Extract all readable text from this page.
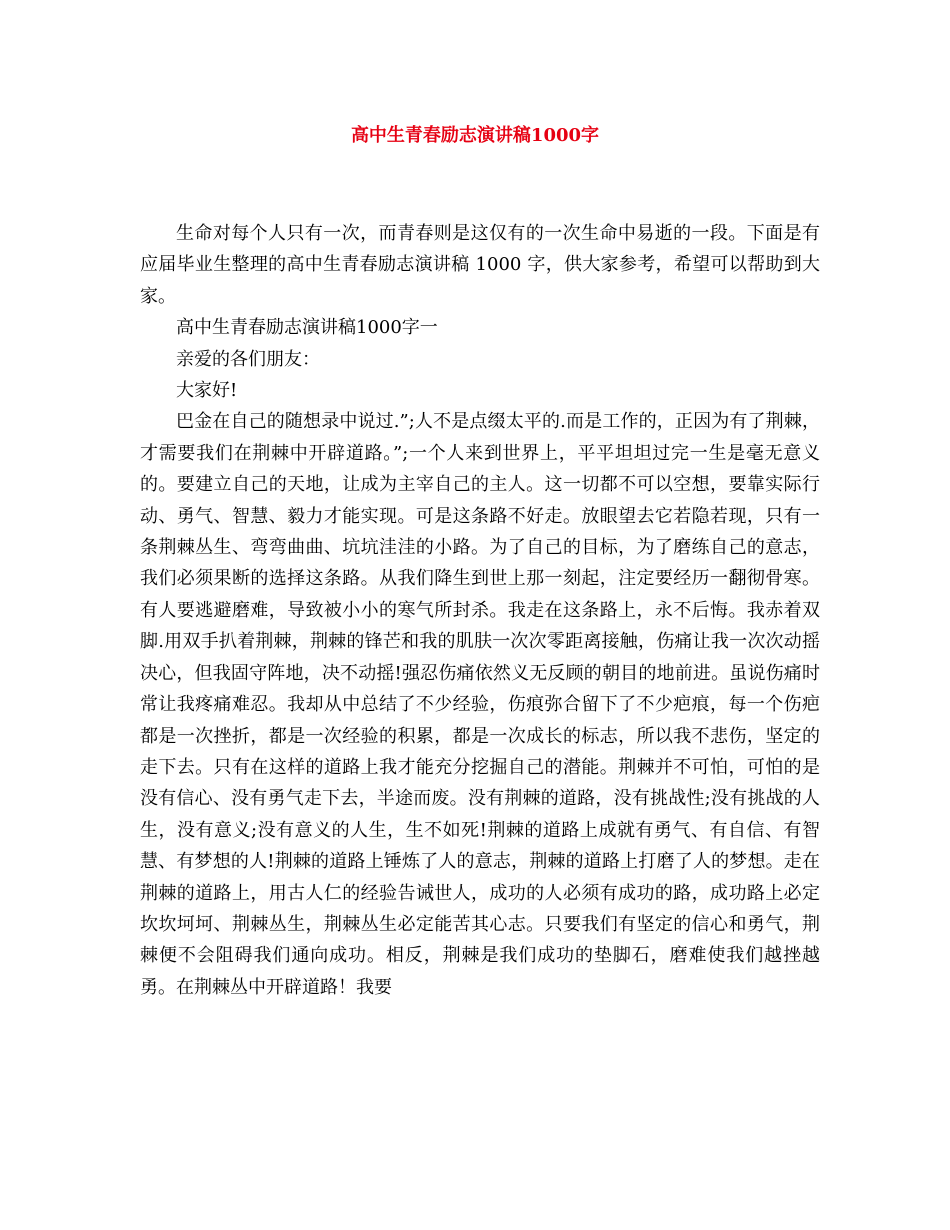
高中生青春励志演讲稿1000字

生命对每个人只有一次，而青春则是这仅有的一次生命中易逝的一段。下面是有应届毕业生整理的高中生青春励志演讲稿 1000 字，供大家参考，希望可以帮助到大家。

高中生青春励志演讲稿1000字一

亲爱的各们朋友：

大家好!

巴金在自己的随想录中说过.”;人不是点缀太平的.而是工作的，正因为有了荆棘，才需要我们在荆棘中开辟道路。”;一个人来到世界上，平平坦坦过完一生是毫无意义的。要建立自己的天地，让成为主宰自己的主人。这一切都不可以空想，要靠实际行动、勇气、智慧、毅力才能实现。可是这条路不好走。放眼望去它若隐若现，只有一条荆棘丛生、弯弯曲曲、坑坑洼洼的小路。为了自己的目标，为了磨练自己的意志，我们必须果断的选择这条路。从我们降生到世上那一刻起，注定要经历一翻彻骨寒。有人要逃避磨难，导致被小小的寒气所封杀。我走在这条路上，永不后悔。我赤着双脚.用双手扒着荆棘，荆棘的锋芒和我的肌肤一次次零距离接触，伤痛让我一次次动摇决心，但我固守阵地，决不动摇!强忍伤痛依然义无反顾的朝目的地前进。虽说伤痛时常让我疼痛难忍。我却从中总结了不少经验，伤痕弥合留下了不少疤痕，每一个伤疤都是一次挫折，都是一次经验的积累，都是一次成长的标志，所以我不悲伤，坚定的走下去。只有在这样的道路上我才能充分挖掘自己的潜能。荆棘并不可怕，可怕的是没有信心、没有勇气走下去，半途而废。没有荆棘的道路，没有挑战性;没有挑战的人生，没有意义;没有意义的人生，生不如死!荆棘的道路上成就有勇气、有自信、有智慧、有梦想的人!荆棘的道路上锤炼了人的意志，荆棘的道路上打磨了人的梦想。走在荆棘的道路上，用古人仁的经验告诫世人，成功的人必须有成功的路，成功路上必定坎坎坷坷、荆棘丛生，荆棘丛生必定能苦其心志。只要我们有坚定的信心和勇气，荆棘便不会阻碍我们通向成功。相反，荆棘是我们成功的垫脚石，磨难使我们越挫越勇。在荆棘丛中开辟道路！我要
